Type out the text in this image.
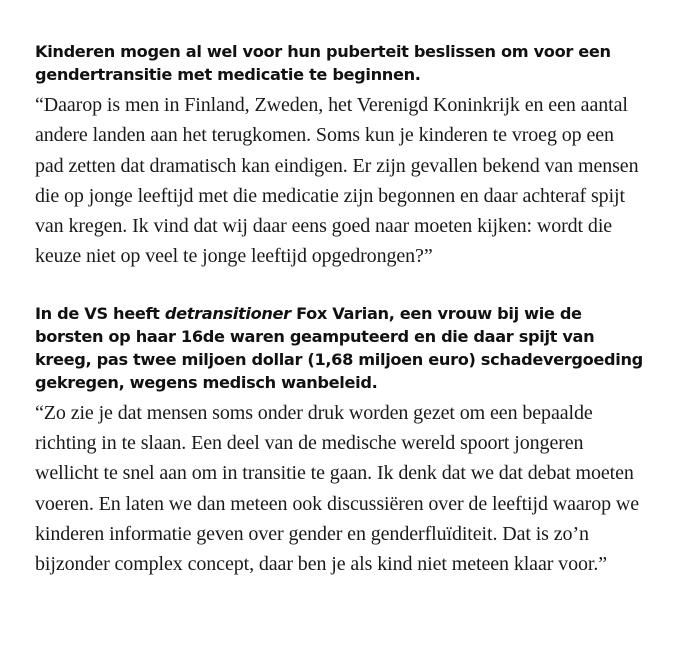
Kinderen mogen al wel voor hun puberteit beslissen om voor een gendertransitie met medicatie te beginnen.

“Daarop is men in Finland, Zweden, het Verenigd Koninkrijk en een aantal andere landen aan het terugkomen. Soms kun je kinderen te vroeg op een pad zetten dat dramatisch kan eindigen. Er zijn gevallen bekend van mensen die op jonge leeftijd met die medicatie zijn begonnen en daar achteraf spijt van kregen. Ik vind dat wij daar eens goed naar moeten kijken: wordt die keuze niet op veel te jonge leeftijd opgedrongen?”

In de VS heeft detransitioner Fox Varian, een vrouw bij wie de borsten op haar 16de waren geamputeerd en die daar spijt van kreeg, pas twee miljoen dollar (1,68 miljoen euro) schadevergoeding gekregen, wegens medisch wanbeleid.

“Zo zie je dat mensen soms onder druk worden gezet om een bepaalde richting in te slaan. Een deel van de medische wereld spoort jongeren wellicht te snel aan om in transitie te gaan. Ik denk dat we dat debat moeten voeren. En laten we dan meteen ook discussiëren over de leeftijd waarop we kinderen informatie geven over gender en genderfluïditeit. Dat is zo’n bijzonder complex concept, daar ben je als kind niet meteen klaar voor.”
